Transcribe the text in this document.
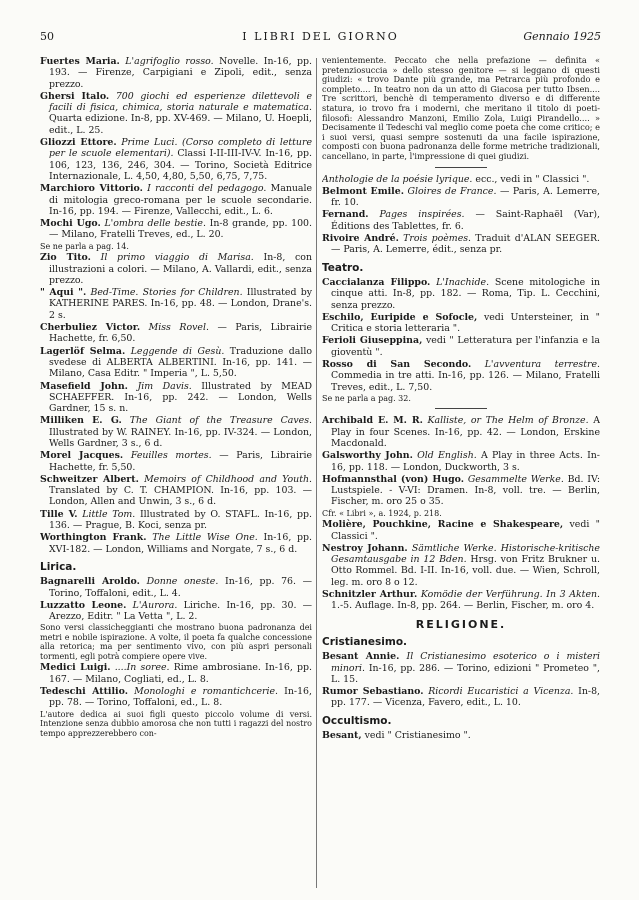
50	I LIBRI DEL GIORNO	Gennaio 1925
Fuertes Maria. L'agrifoglio rosso. Novelle. In-16, pp. 193. — Firenze, Carpigiani e Zipoli, edit., senza prezzo.
Ghersi Italo. 700 giochi ed esperienze dilettevoli e facili di fisica, chimica, storia naturale e matematica. Quarta edizione. In-8, pp. XV-469. — Milano, U. Hoepli, edit., L. 25.
Gliozzi Ettore. Prime Luci. (Corso completo di letture per le scuole elementari). Classi I-II-III-IV-V. In-16, pp. 106, 123, 136, 246, 304. — Torino, Società Editrice Internazionale, L. 4,50, 4,80, 5,50, 6,75, 7,75.
Marchioro Vittorio. I racconti del pedagogo. Manuale di mitologia greco-romana per le scuole secondarie. In-16, pp. 194. — Firenze, Vallecchi, edit., L. 6.
Mochi Ugo. L'ombra delle bestie. In-8 grande, pp. 100. — Milano, Fratelli Treves, ed., L. 20.
Se ne parla a pag. 14.
Zio Tito. Il primo viaggio di Marisa. In-8, con illustrazioni a colori. — Milano, A. Vallardi, edit., senza prezzo.
" Aqui ". Bed-Time. Stories for Children. Illustrated by KATHERINE PARES. In-16, pp. 48. — London, Drane's. 2 s.
Cherbuliez Victor. Miss Rovel. — Paris, Librairie Hachette, fr. 6,50.
Lagerlöf Selma. Leggende di Gesù. Traduzione dallo svedese di ALBERTA ALBERTINI. In-16, pp. 141. — Milano, Casa Editr. " Imperia ", L. 5,50.
Masefield John. Jim Davis. Illustrated by MEAD SCHAEFFER. In-16, pp. 242. — London, Wells Gardner, 15 s. n.
Milliken E. G. The Giant of the Treasure Caves. Illustrated by W. RAINEY. In-16, pp. IV-324. — London, Wells Gardner, 3 s., 6 d.
Morel Jacques. Feuilles mortes. — Paris, Librairie Hachette, fr. 5,50.
Schweitzer Albert. Memoirs of Childhood and Youth. Translated by C. T. CHAMPION. In-16, pp. 103. — London, Allen and Unwin, 3 s., 6 d.
Tille V. Little Tom. Illustrated by O. STAFL. In-16, pp. 136. — Prague, B. Koci, senza pr.
Worthington Frank. The Little Wise One. In-16, pp. XVI-182. — London, Williams and Norgate, 7 s., 6 d.
Lirica.
Bagnarelli Aroldo. Donne oneste. In-16, pp. 76. — Torino, Toffaloni, edit., L. 4.
Luzzatto Leone. L'Aurora. Liriche. In-16, pp. 30. — Arezzo, Editr. " La Vetta ", L. 2.
Sono versi classicheggianti che mostrano buona padronanza dei metri e nobile ispirazione. A volte, il poeta fa qualche concessione alla retorica; ma per sentimento vivo, con più aspri personali tormenti, egli potrà compiere opere vive.
Medici Luigi. ....In soree. Rime ambrosiane. In-16, pp. 167. — Milano, Cogliati, ed., L. 8.
Tedeschi Attilio. Monologhi e romantichcerie. In-16, pp. 78. — Torino, Toffaloni, ed., L. 8.
L'autore dedica ai suoi figli questo piccolo volume di versi. Intenzione senza dubbio amorosa che non tutti i ragazzi del nostro tempo apprezzerebbero con-
venientemente. Peccato che nella prefazione — definita « pretenziosuccia » dello stesso genitore — si leggano di questi giudizi: « trovo Dante più grande, ma Petrarca più profondo e completo.... In teatro non da un atto di Giacosa per tutto Ibsen.... Tre scrittori, benchè di temperamento diverso e di differente statura, io trovo fra i moderni, che meritano il titolo di poeti-filosofi: Alessandro Manzoni, Emilio Zola, Luigi Pirandello.... » Decisamente il Tedeschi val meglio come poeta che come critico; e i suoi versi, quasi sempre sostenuti da una facile ispirazione, composti con buona padronanza delle forme metriche tradizionali, cancellano, in parte, l'impressione di quei giudizi.
Anthologie de la poésie lyrique. ecc., vedi in " Classici ".
Belmont Emile. Gloires de France. — Paris, A. Lemerre, fr. 10.
Fernand. Pages inspirées. — Saint-Raphaël (Var), Éditions des Tablettes, fr. 6.
Rivoire André. Trois poèmes. Traduit d'ALAN SEEGER. — Paris, A. Lemerre, édit., senza pr.
Teatro.
Caccialanza Filippo. L'Inachide. Scene mitologiche in cinque atti. In-8, pp. 182. — Roma, Tip. L. Cecchini, senza prezzo.
Eschilo, Euripide e Sofocle, vedi Untersteiner, in " Critica e storia letteraria ".
Ferioli Giuseppina, vedi " Letteratura per l'infanzia e la gioventù ".
Rosso di San Secondo. L'avventura terrestre. Commedia in tre atti. In-16, pp. 126. — Milano, Fratelli Treves, edit., L. 7,50.
Se ne parla a pag. 32.
Archibald E. M. R. Kalliste, or The Helm of Bronze. A Play in four Scenes. In-16, pp. 42. — London, Erskine Macdonald.
Galsworthy John. Old English. A Play in three Acts. In-16, pp. 118. — London, Duckworth, 3 s.
Hofmannsthal (von) Hugo. Gesammelte Werke. Bd. IV: Lustspiele. - V-VI: Dramen. In-8, voll. tre. — Berlin, Fischer, m. oro 25 o 35.
Cfr. « Libri », a. 1924, p. 218.
Molière, Pouchkine, Racine e Shakespeare, vedi " Classici ".
Nestroy Johann. Sämtliche Werke. Historische-kritische Gesamtausgabe in 12 Bden. Hrsg. von Fritz Brukner u. Otto Rommel. Bd. I-II. In-16, voll. due. — Wien, Schroll, leg. m. oro 8 o 12.
Schnitzler Arthur. Komödie der Verführung. In 3 Akten. 1.-5. Auflage. In-8, pp. 264. — Berlin, Fischer, m. oro 4.
RELIGIONE.
Cristianesimo.
Besant Annie. Il Cristianesimo esoterico o i misteri minori. In-16, pp. 286. — Torino, edizioni " Prometeo ", L. 15.
Rumor Sebastiano. Ricordi Eucaristici a Vicenza. In-8, pp. 177. — Vicenza, Favero, edit., L. 10.
Occultismo.
Besant, vedi " Cristianesimo ".
